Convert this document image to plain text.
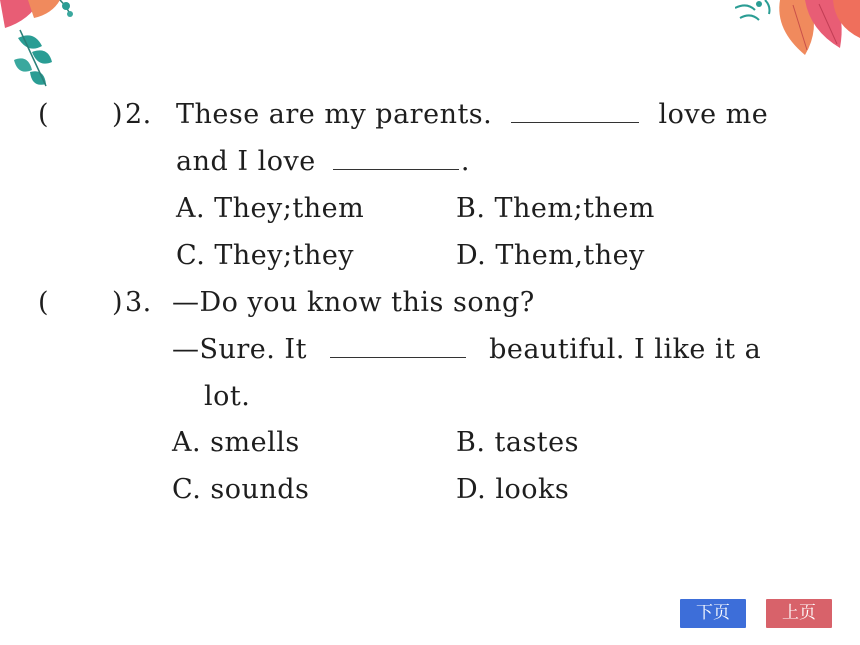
( ) 2. These are my parents.	love me
and I love	.
A. They;them	B. Them;them
C. They;they	D. Them,they
( ) 3. —Do you know this song?
—Sure. It	beautiful. I like it a
lot.
A. smells	B. tastes
C. sounds	D. looks
下页	上页
